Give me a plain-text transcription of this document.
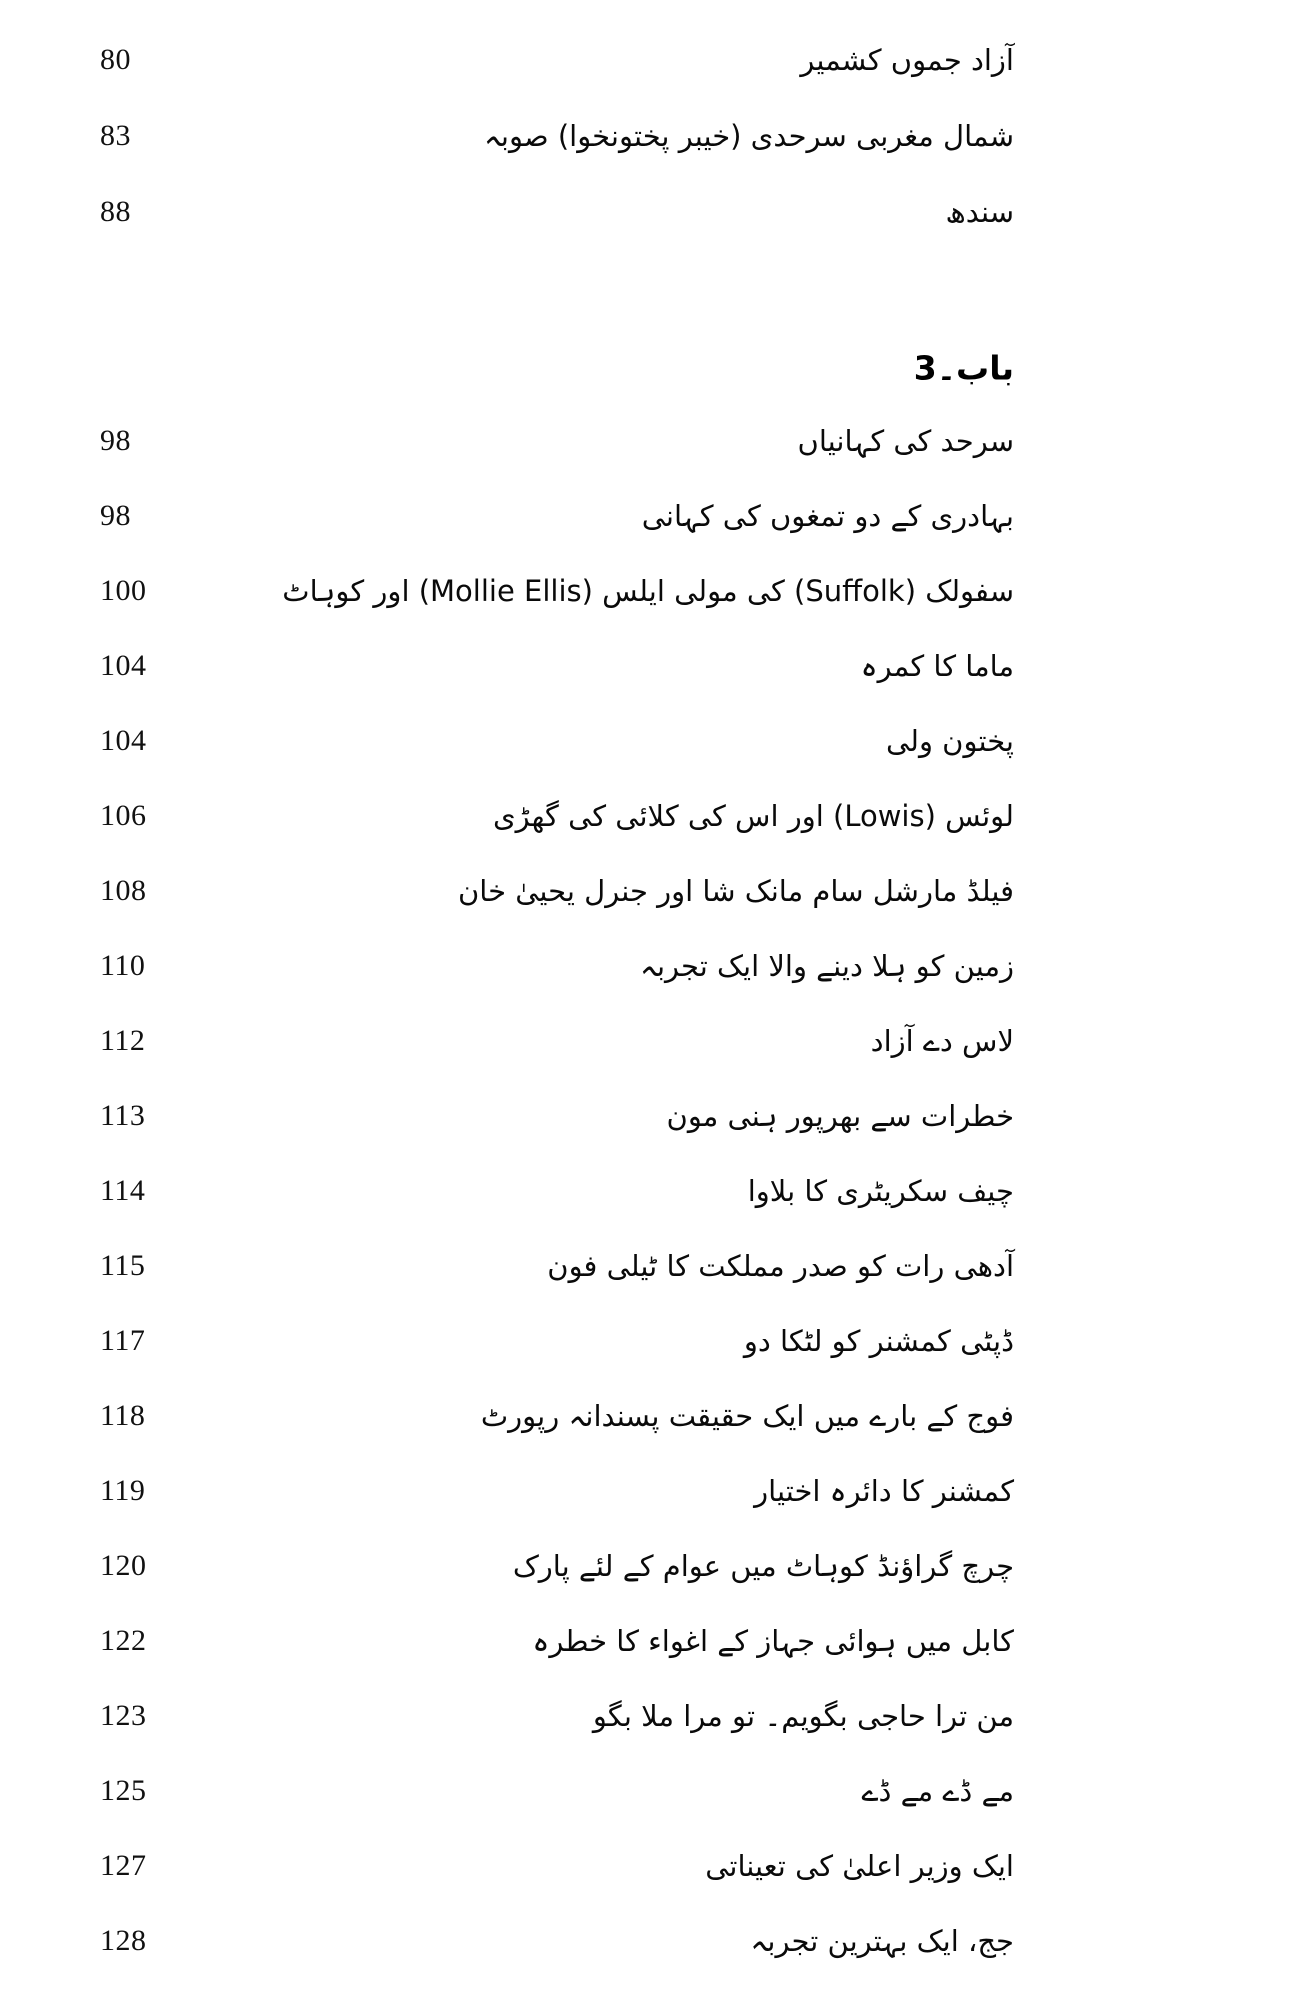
80	آزاد جموں کشمیر
83	شمال مغربی سرحدی (خیبر پختونخوا) صوبہ
88	سندھ
باب۔3
98	سرحد کی کہانیاں
98	بہادری کے دو تمغوں کی کہانی
100	سفولک (Suffolk) کی مولی ایلس (Mollie Ellis) اور کوہاٹ
104	ماما کا کمرہ
104	پختون ولی
106	لوئس (Lowis) اور اس کی کلائی کی گھڑی
108	فیلڈ مارشل سام مانک شا اور جنرل یحییٰ خان
110	زمین کو ہلا دینے والا ایک تجربہ
112	لاس دے آزاد
113	خطرات سے بھرپور ہنی مون
114	چیف سکریٹری کا بلاوا
115	آدھی رات کو صدر مملکت کا ٹیلی فون
117	ڈپٹی کمشنر کو لٹکا دو
118	فوج کے بارے میں ایک حقیقت پسندانہ رپورٹ
119	کمشنر کا دائرہ اختیار
120	چرچ گراؤنڈ کوہاٹ میں عوام کے لئے پارک
122	کابل میں ہوائی جہاز کے اغواء کا خطرہ
123	من ترا حاجی بگویم۔ تو مرا ملا بگو
125	مے ڈے مے ڈے
127	ایک وزیر اعلیٰ کی تعیناتی
128	جج، ایک بہترین تجربہ
